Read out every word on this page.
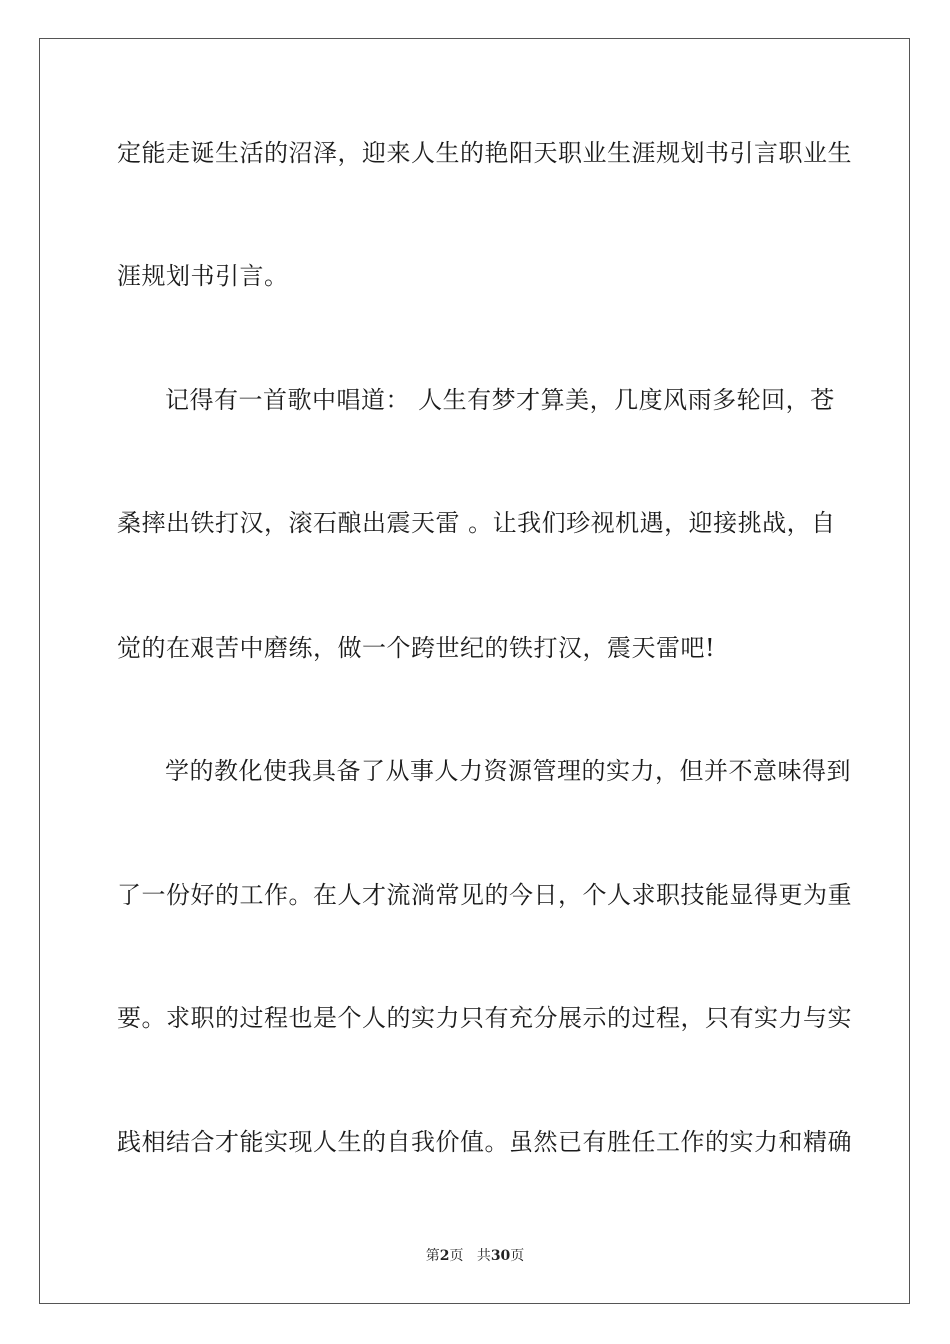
定能走诞生活的沼泽，迎来人生的艳阳天职业生涯规划书引言职业生
涯规划书引言。
记得有一首歌中唱道： 人生有梦才算美，几度风雨多轮回，苍
桑摔出铁打汉，滚石酿出震天雷 。让我们珍视机遇，迎接挑战，自
觉的在艰苦中磨练，做一个跨世纪的铁打汉，震天雷吧!
学的教化使我具备了从事人力资源管理的实力，但并不意味得到
了一份好的工作。在人才流淌常见的今日，个人求职技能显得更为重
要。求职的过程也是个人的实力只有充分展示的过程，只有实力与实
践相结合才能实现人生的自我价值。虽然已有胜任工作的实力和精确
第2页 共30页
